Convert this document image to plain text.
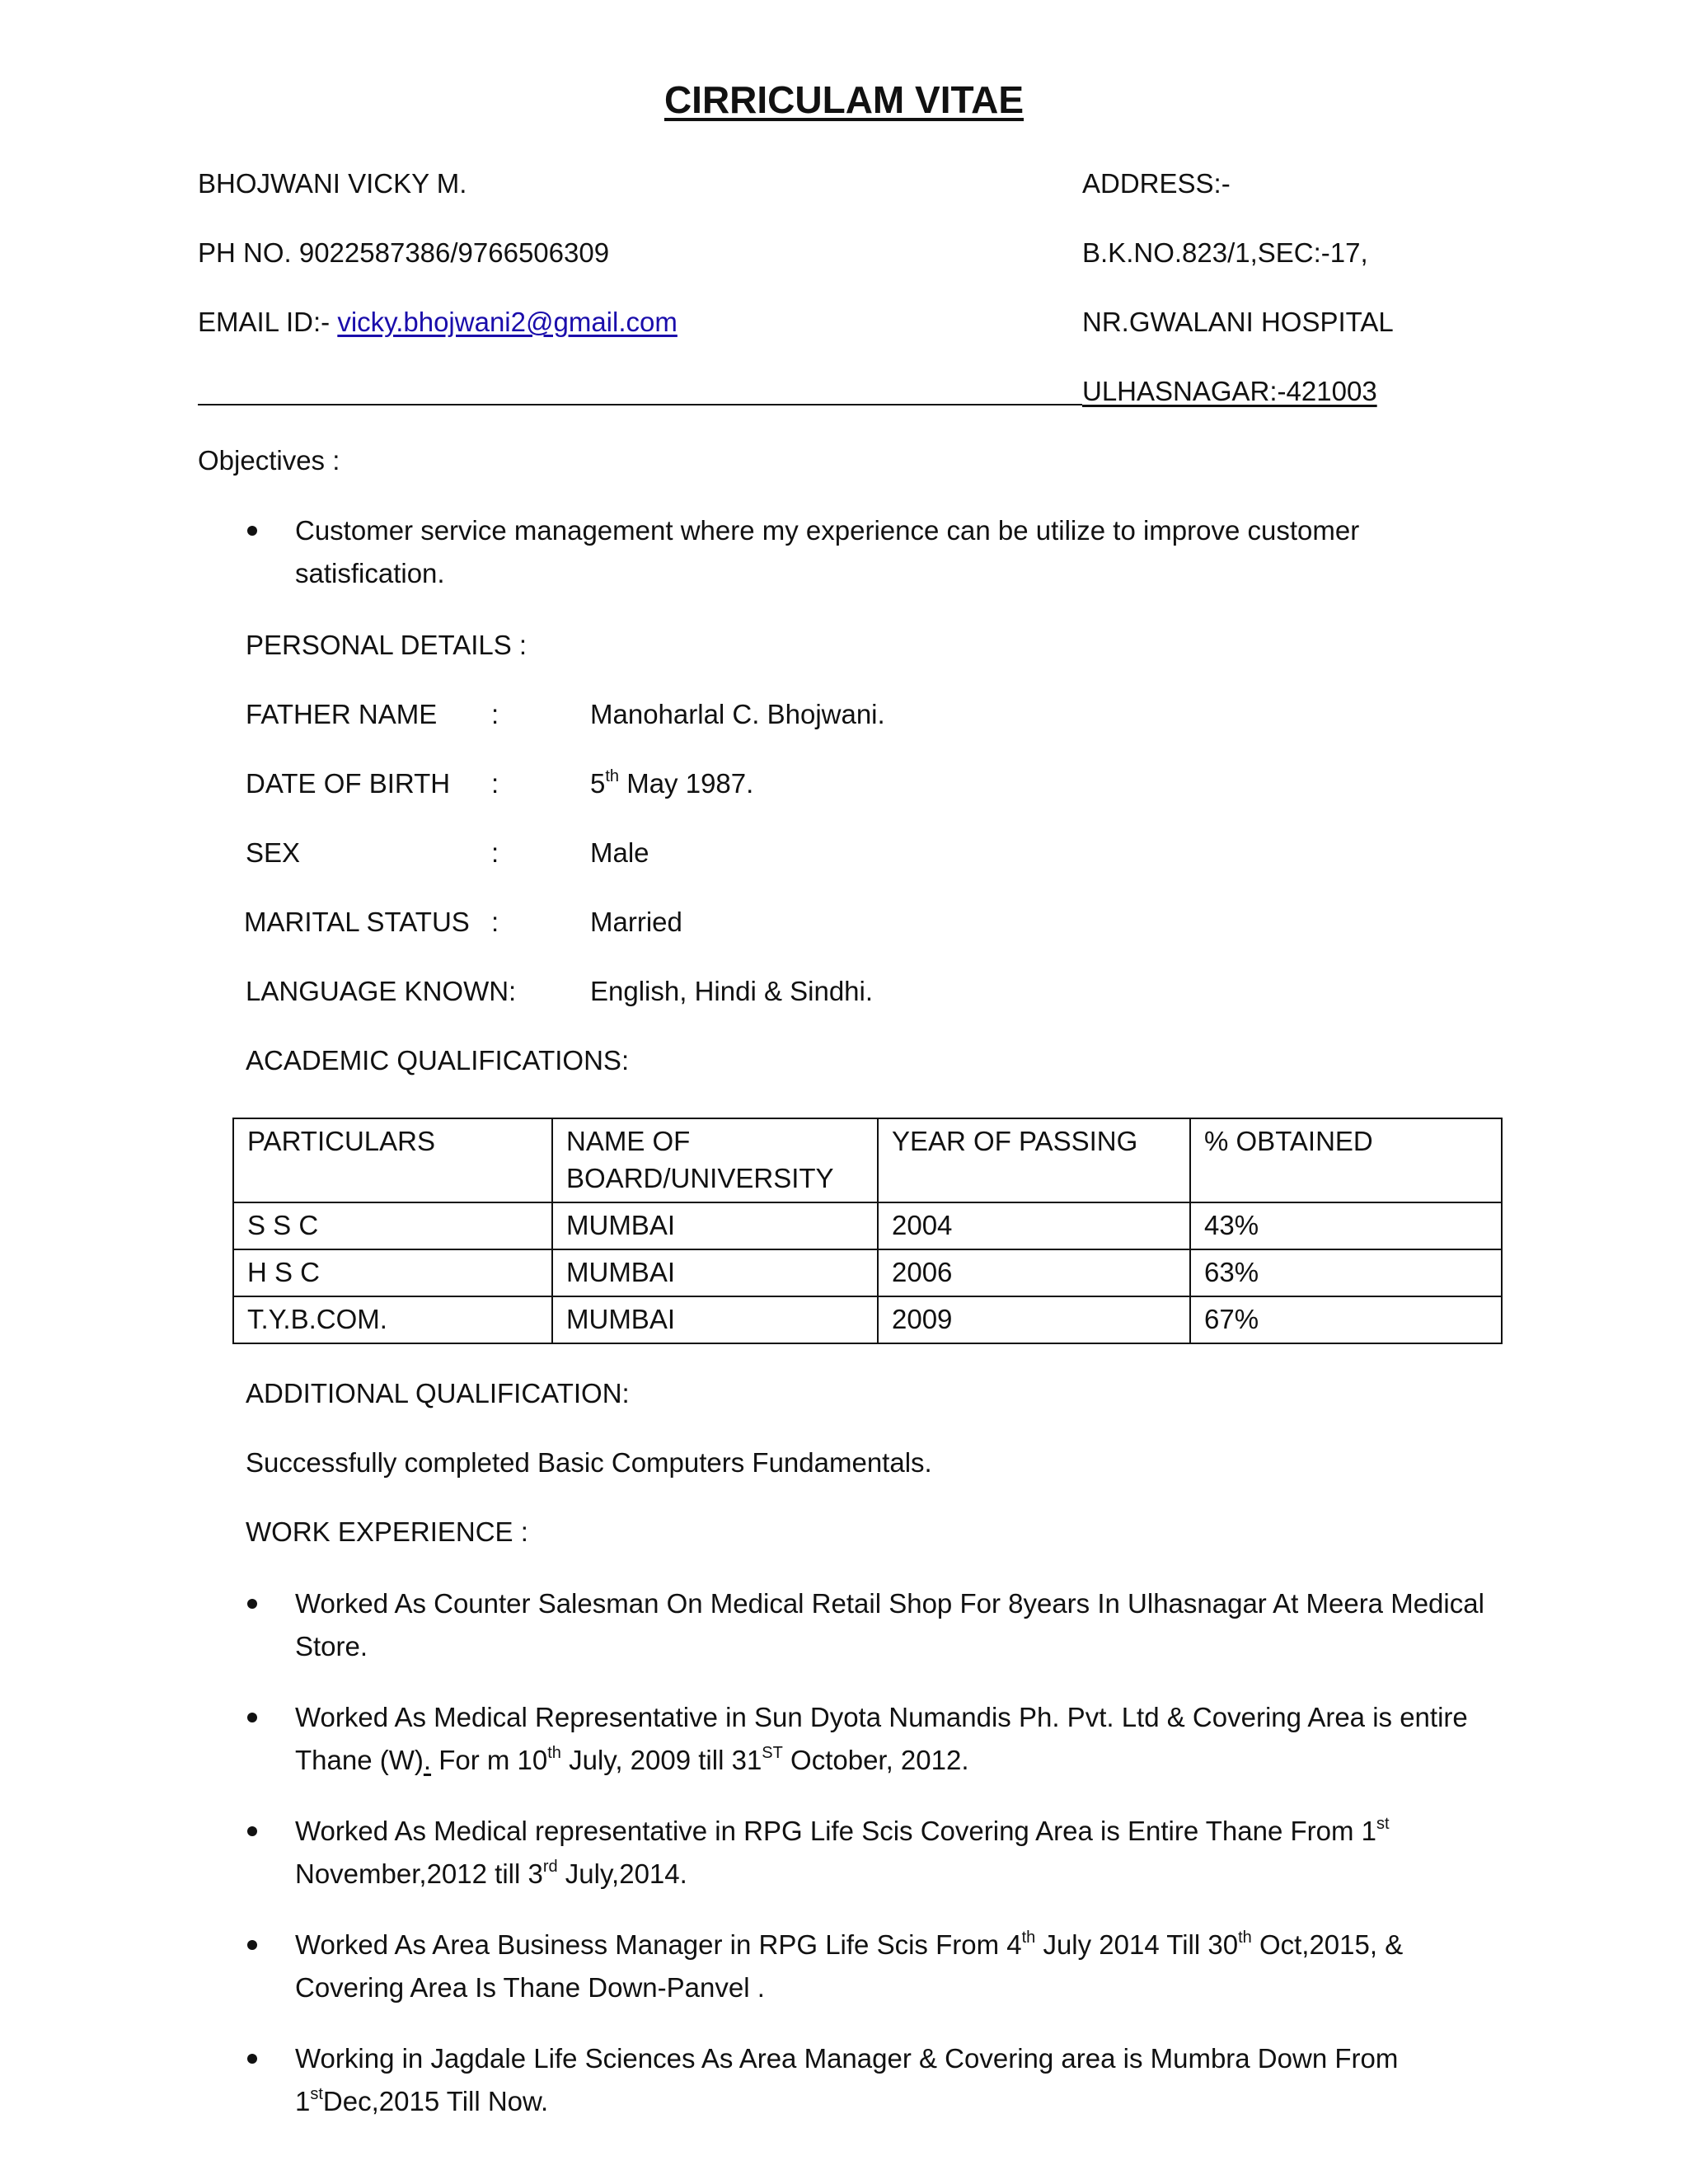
CIRRICULAM VITAE
BHOJWANI VICKY M.
PH NO. 9022587386/9766506309
EMAIL ID:- vicky.bhojwani2@gmail.com
ADDRESS:-
B.K.NO.823/1,SEC:-17,
NR.GWALANI HOSPITAL
ULHASNAGAR:-421003
Objectives :
Customer service management where my experience can be utilize to improve customer satisfication.
PERSONAL DETAILS :
FATHER NAME :	Manoharlal C. Bhojwani.
DATE OF BIRTH :	5th May 1987.
SEX	:	Male
MARITAL STATUS :	Married
LANGUAGE KNOWN:	English, Hindi & Sindhi.
ACADEMIC QUALIFICATIONS:
PARTICULARS	NAME OF BOARD/UNIVERSITY	YEAR OF PASSING	% OBTAINED
S S C	MUMBAI	2004	43%
H S C	MUMBAI	2006	63%
T.Y.B.COM.	MUMBAI	2009	67%
ADDITIONAL QUALIFICATION:
Successfully completed Basic Computers Fundamentals.
WORK EXPERIENCE :
Worked As Counter Salesman On Medical Retail Shop For 8years In Ulhasnagar At Meera Medical Store.
Worked As Medical Representative in Sun Dyota Numandis Ph. Pvt. Ltd & Covering Area is entire Thane (W). For m 10th July, 2009 till 31ST October, 2012.
Worked As Medical representative in RPG Life Scis Covering Area is Entire Thane From 1st November,2012 till 3rd July,2014.
Worked As Area Business Manager in RPG Life Scis From 4th July 2014 Till 30th Oct,2015, & Covering Area Is Thane Down-Panvel .
Working in Jagdale Life Sciences As Area Manager & Covering area is Mumbra Down From 1stDec,2015 Till Now.
